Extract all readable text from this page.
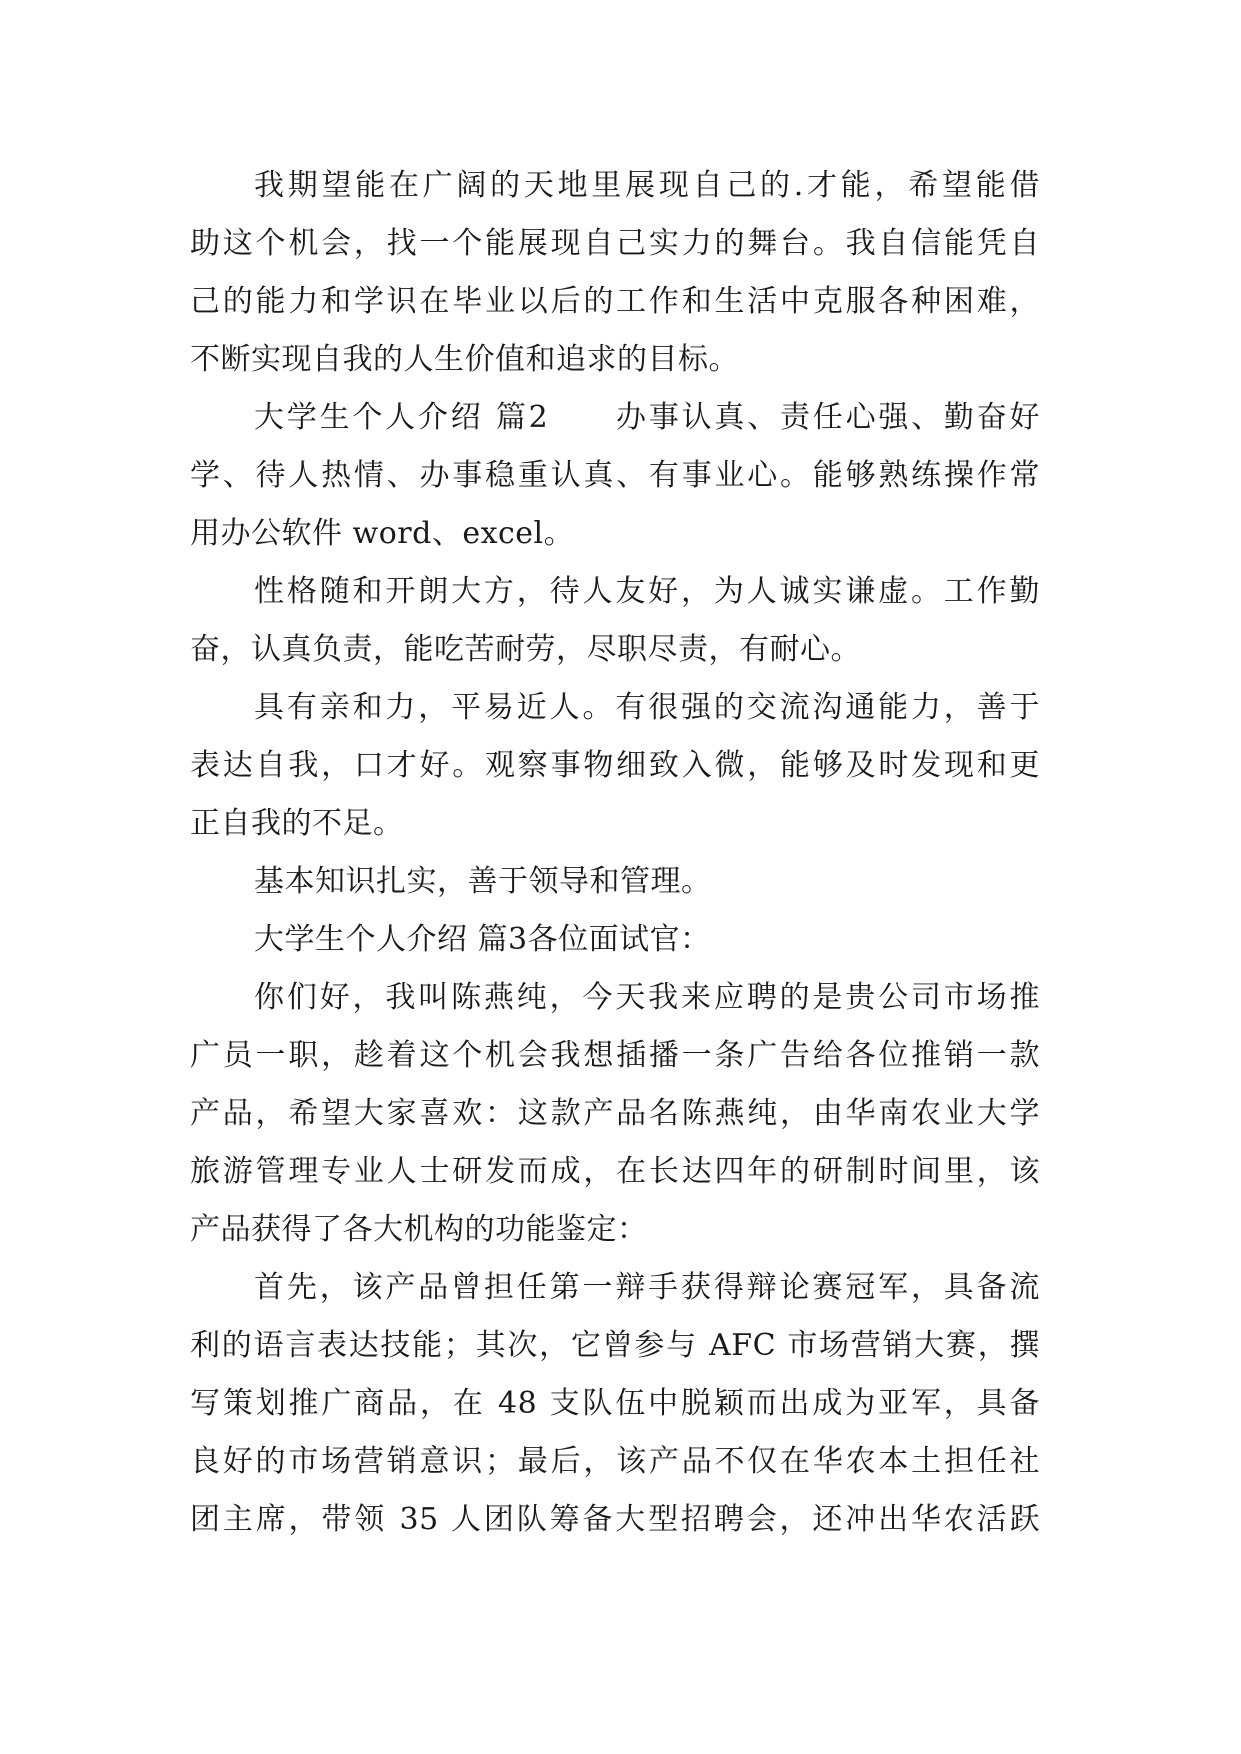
我期望能在广阔的天地里展现自己的.才能，希望能借
助这个机会，找一个能展现自己实力的舞台。我自信能凭自
己的能力和学识在毕业以后的工作和生活中克服各种困难，
不断实现自我的人生价值和追求的目标。
大学生个人介绍 篇2　　办事认真、责任心强、勤奋好
学、待人热情、办事稳重认真、有事业心。能够熟练操作常
用办公软件 word、excel。
性格随和开朗大方，待人友好，为人诚实谦虚。工作勤
奋，认真负责，能吃苦耐劳，尽职尽责，有耐心。
具有亲和力，平易近人。有很强的交流沟通能力，善于
表达自我，口才好。观察事物细致入微，能够及时发现和更
正自我的不足。
基本知识扎实，善于领导和管理。
大学生个人介绍 篇3各位面试官：
你们好，我叫陈燕纯，今天我来应聘的是贵公司市场推
广员一职，趁着这个机会我想插播一条广告给各位推销一款
产品，希望大家喜欢：这款产品名陈燕纯，由华南农业大学
旅游管理专业人士研发而成，在长达四年的研制时间里，该
产品获得了各大机构的功能鉴定：
首先，该产品曾担任第一辩手获得辩论赛冠军，具备流
利的语言表达技能；其次，它曾参与 AFC 市场营销大赛，撰
写策划推广商品，在 48 支队伍中脱颖而出成为亚军，具备
良好的市场营销意识；最后，该产品不仅在华农本土担任社
团主席，带领 35 人团队筹备大型招聘会，还冲出华农活跃
